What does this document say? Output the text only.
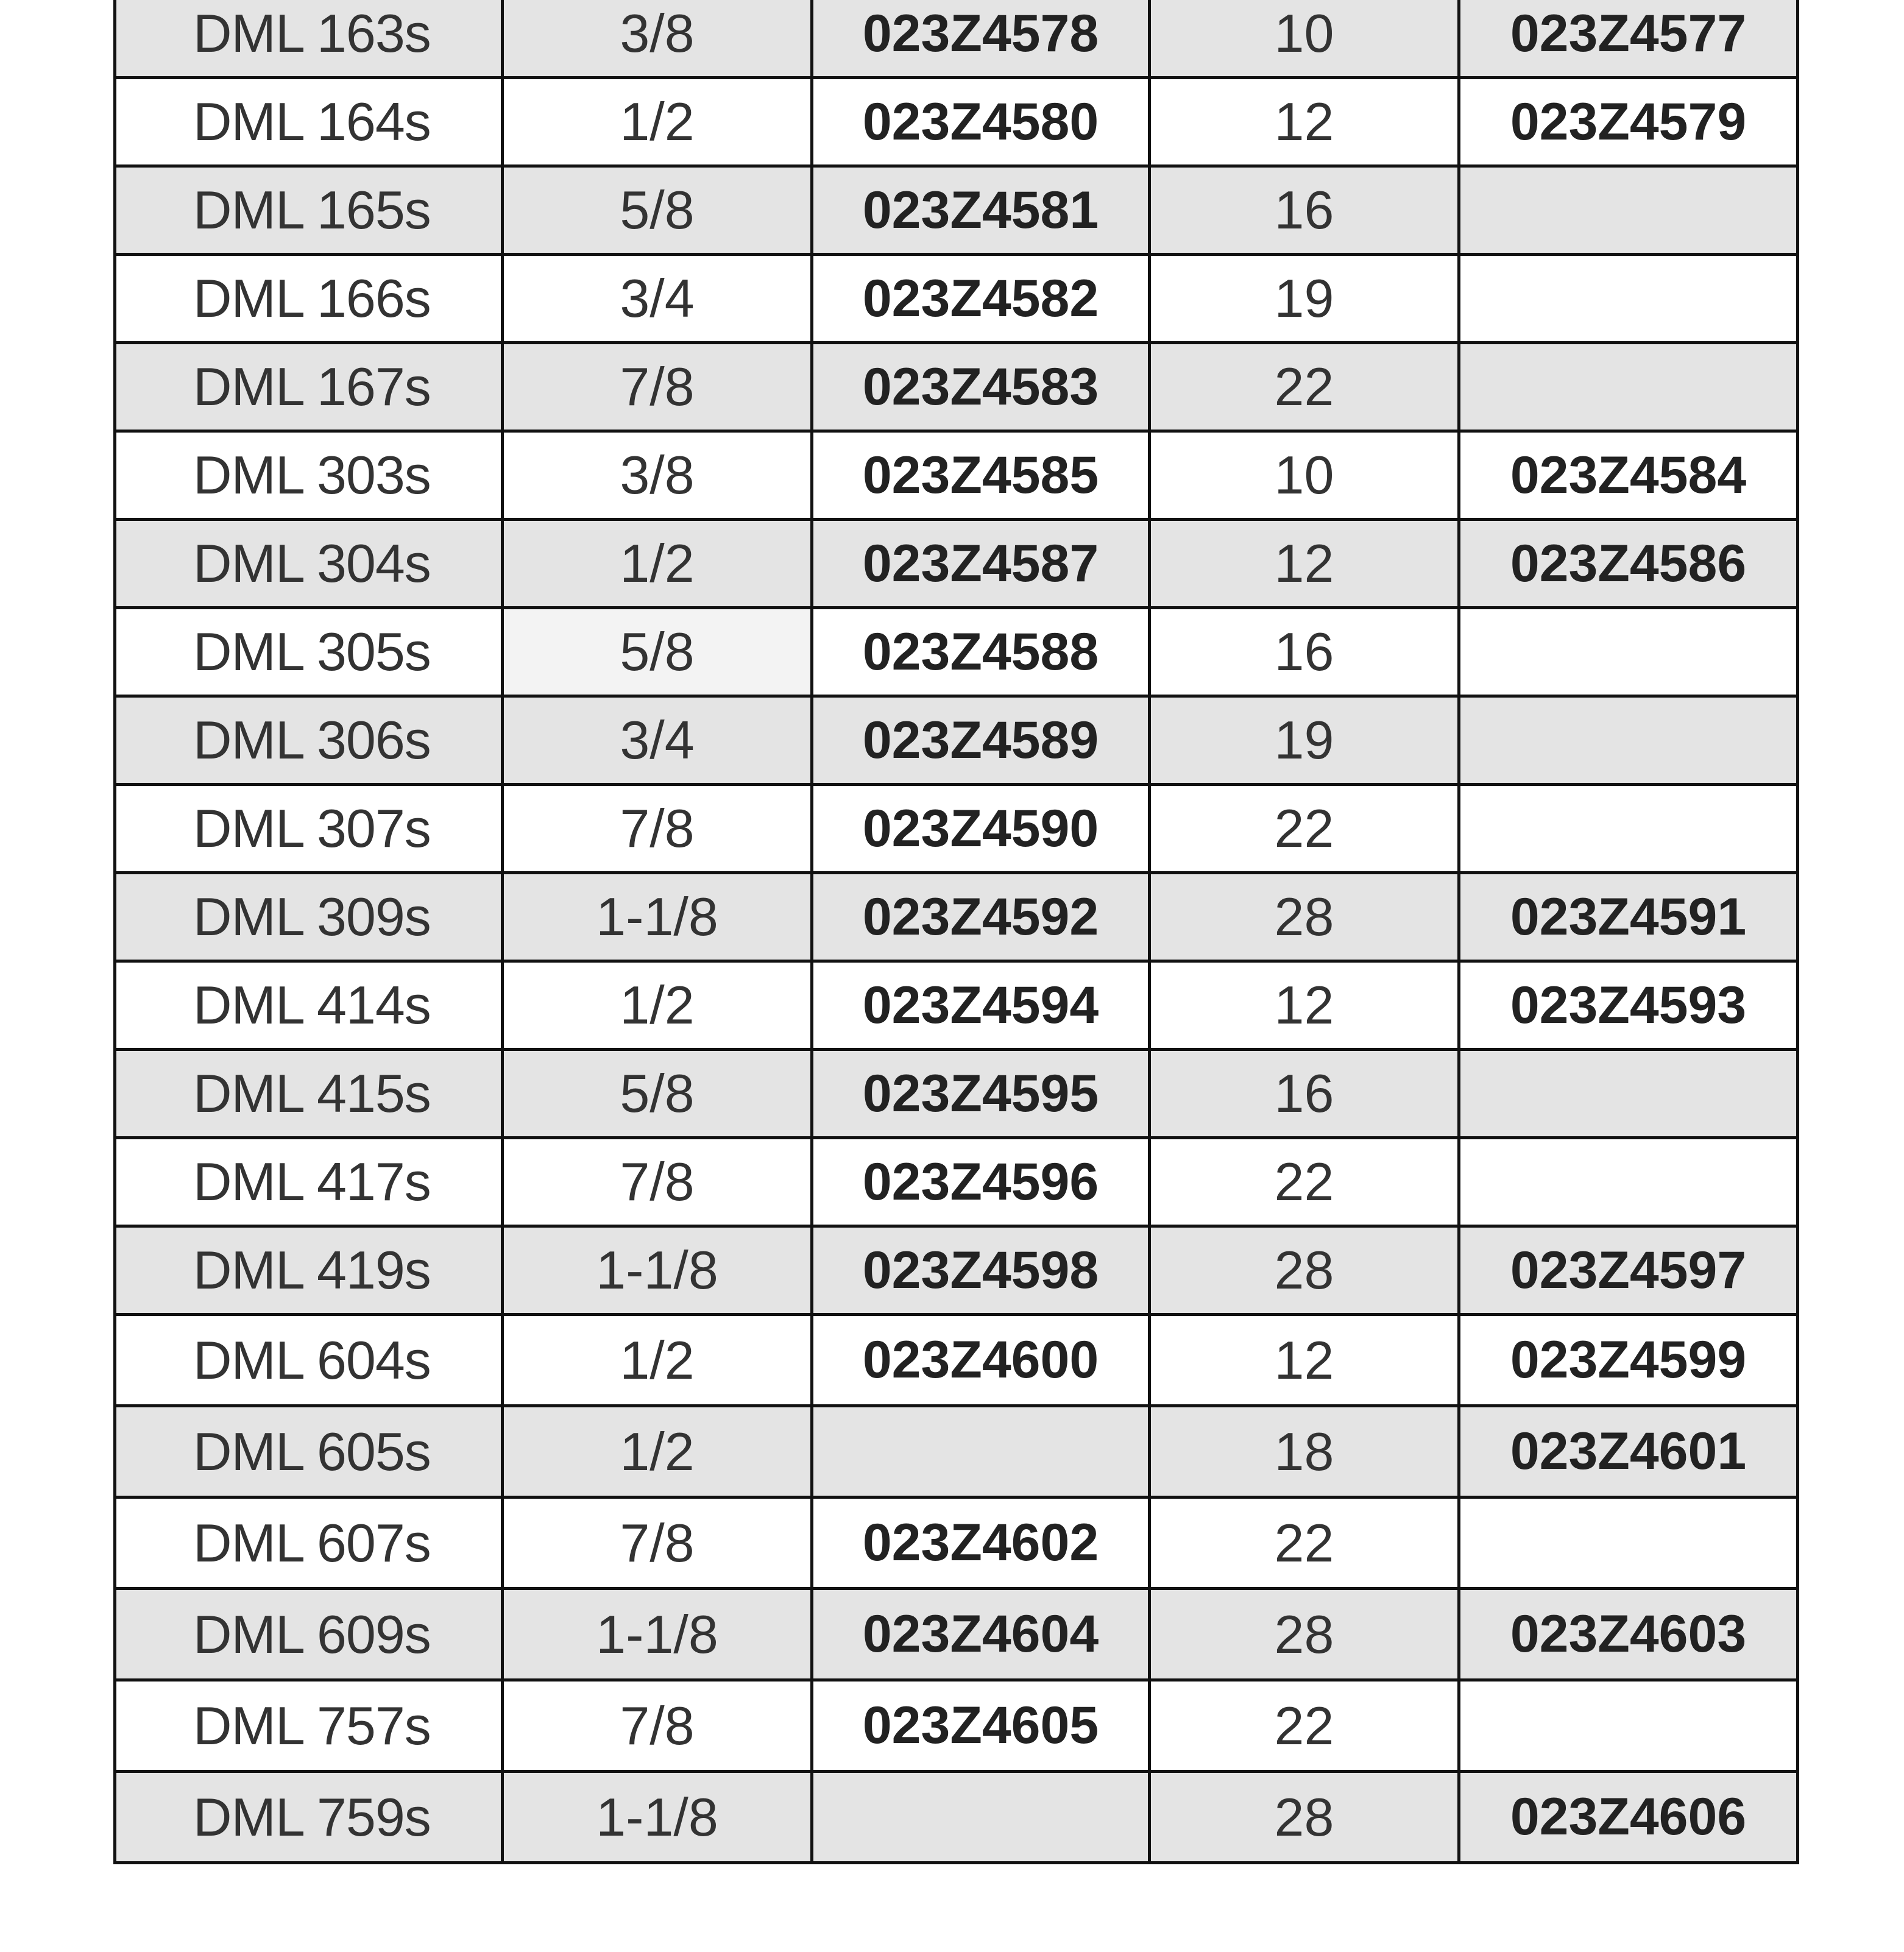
DML 163s	3/8	023Z4578	10	023Z4577
DML 164s	1/2	023Z4580	12	023Z4579
DML 165s	5/8	023Z4581	16	
DML 166s	3/4	023Z4582	19	
DML 167s	7/8	023Z4583	22	
DML 303s	3/8	023Z4585	10	023Z4584
DML 304s	1/2	023Z4587	12	023Z4586
DML 305s	5/8	023Z4588	16	
DML 306s	3/4	023Z4589	19	
DML 307s	7/8	023Z4590	22	
DML 309s	1-1/8	023Z4592	28	023Z4591
DML 414s	1/2	023Z4594	12	023Z4593
DML 415s	5/8	023Z4595	16	
DML 417s	7/8	023Z4596	22	
DML 419s	1-1/8	023Z4598	28	023Z4597
DML 604s	1/2	023Z4600	12	023Z4599
DML 605s	1/2		18	023Z4601
DML 607s	7/8	023Z4602	22	
DML 609s	1-1/8	023Z4604	28	023Z4603
DML 757s	7/8	023Z4605	22	
DML 759s	1-1/8		28	023Z4606
